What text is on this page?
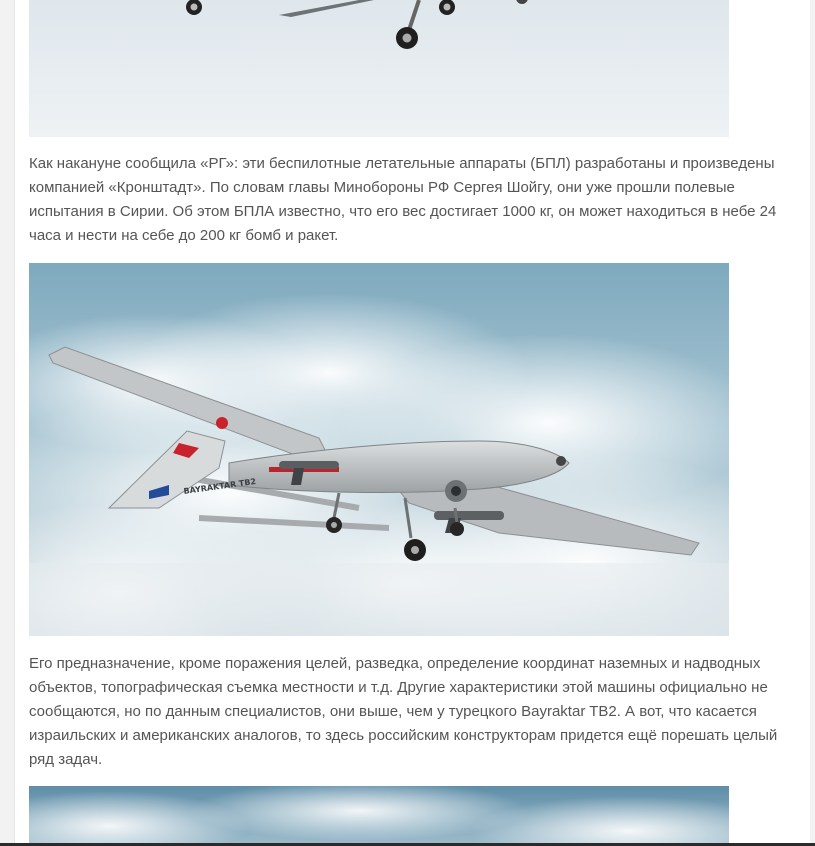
Как накануне сообщила «РГ»: эти беспилотные летательные аппараты (БПЛ) разработаны и произведены компанией «Кронштадт». По словам главы Минобороны РФ Сергея Шойгу, они уже прошли полевые испытания в Сирии. Об этом БПЛА известно, что его вес достигает 1000 кг, он может находиться в небе 24 часа и нести на себе до 200 кг бомб и ракет.

BAYRAKTAR TB2

Его предназначение, кроме поражения целей, разведка, определение координат наземных и надводных объектов, топографическая съемка местности и т.д. Другие характеристики этой машины официально не сообщаются, но по данным специалистов, они выше, чем у турецкого Bayraktar TB2. А вот, что касается израильских и американских аналогов, то здесь российским конструкторам придется ещё порешать целый ряд задач.
